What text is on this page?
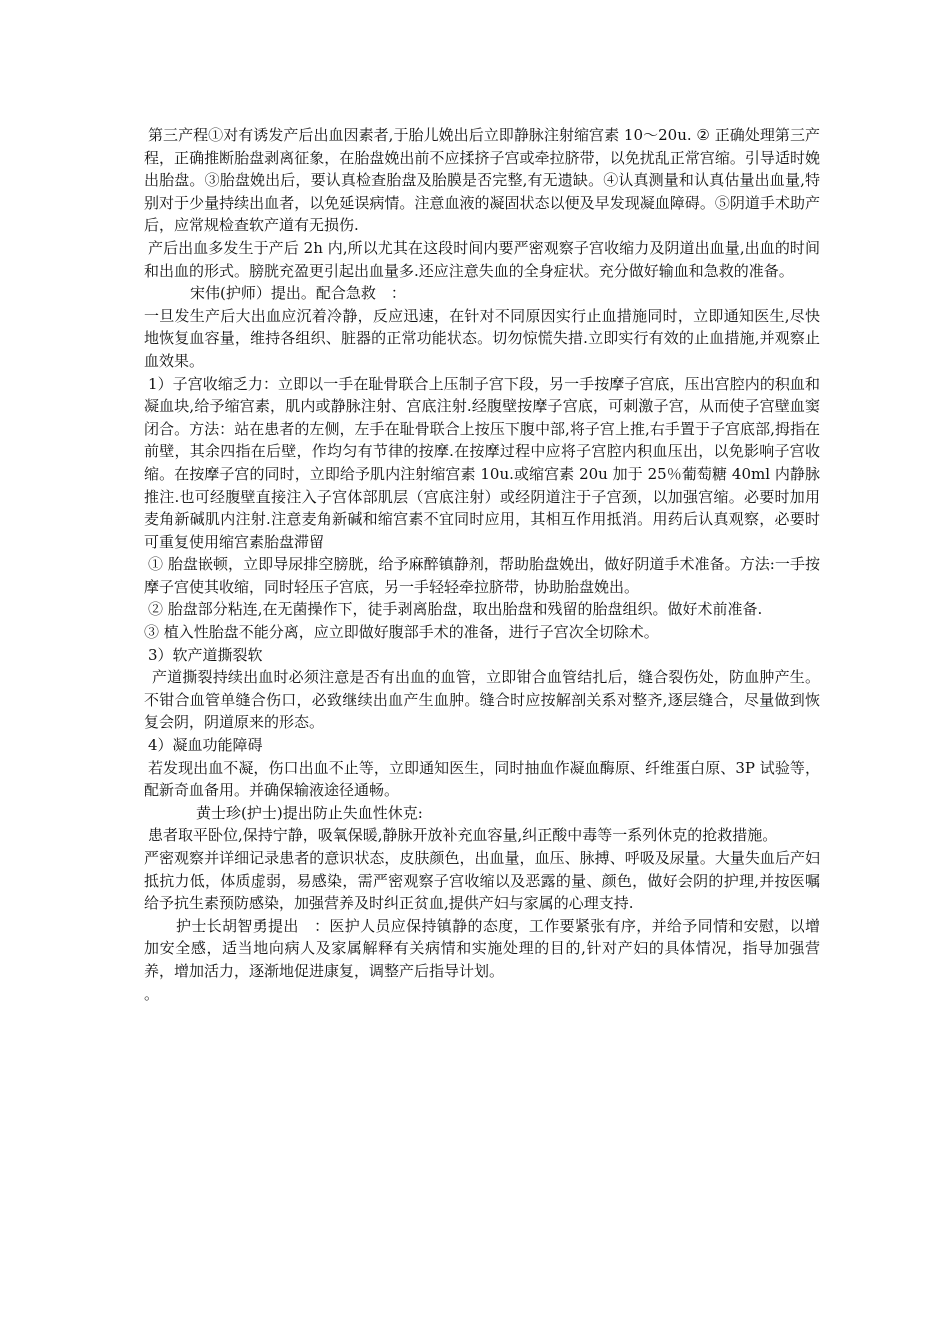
第三产程①对有诱发产后出血因素者,于胎儿娩出后立即静脉注射缩宫素 10～20u. ② 正确处理第三产程，正确推断胎盘剥离征象，在胎盘娩出前不应揉挤子宫或牵拉脐带，以免扰乱正常宫缩。引导适时娩出胎盘。③胎盘娩出后，要认真检查胎盘及胎膜是否完整,有无遗缺。④认真测量和认真估量出血量,特别对于少量持续出血者，以免延误病情。注意血液的凝固状态以便及早发现凝血障碍。⑤阴道手术助产后，应常规检查软产道有无损伤.

产后出血多发生于产后 2h 内,所以尤其在这段时间内要严密观察子宫收缩力及阴道出血量,出血的时间和出血的形式。膀胱充盈更引起出血量多.还应注意失血的全身症状。充分做好输血和急救的准备。

宋伟(护师）提出。配合急救　：

一旦发生产后大出血应沉着冷静，反应迅速，在针对不同原因实行止血措施同时，立即通知医生,尽快地恢复血容量，维持各组织、脏器的正常功能状态。切勿惊慌失措.立即实行有效的止血措施,并观察止血效果。

1）子宫收缩乏力：立即以一手在耻骨联合上压制子宫下段，另一手按摩子宫底，压出宫腔内的积血和凝血块,给予缩宫素，肌内或静脉注射、宫底注射.经腹壁按摩子宫底，可刺激子宫，从而使子宫壁血窦闭合。方法：站在患者的左侧，左手在耻骨联合上按压下腹中部,将子宫上推,右手置于子宫底部,拇指在前壁，其余四指在后壁，作均匀有节律的按摩.在按摩过程中应将子宫腔内积血压出，以免影响子宫收缩。在按摩子宫的同时，立即给予肌内注射缩宫素 10u.或缩宫素 20u 加于 25％葡萄糖 40ml 内静脉推注.也可经腹壁直接注入子宫体部肌层（宫底注射）或经阴道注于子宫颈，以加强宫缩。必要时加用麦角新碱肌内注射.注意麦角新碱和缩宫素不宜同时应用，其相互作用抵消。用药后认真观察，必要时可重复使用缩宫素胎盘滞留

① 胎盘嵌顿，立即导尿排空膀胱，给予麻醉镇静剂，帮助胎盘娩出，做好阴道手术准备。方法:一手按摩子宫使其收缩，同时轻压子宫底，另一手轻轻牵拉脐带，协助胎盘娩出。

② 胎盘部分粘连,在无菌操作下，徒手剥离胎盘，取出胎盘和残留的胎盘组织。做好术前准备.

③ 植入性胎盘不能分离，应立即做好腹部手术的准备，进行子宫次全切除术。

3）软产道撕裂软

产道撕裂持续出血时必须注意是否有出血的血管，立即钳合血管结扎后，缝合裂伤处，防血肿产生。不钳合血管单缝合伤口，必致继续出血产生血肿。缝合时应按解剖关系对整齐,逐层缝合，尽量做到恢复会阴，阴道原来的形态。

4）凝血功能障碍

若发现出血不凝，伤口出血不止等，立即通知医生，同时抽血作凝血酶原、纤维蛋白原、3P 试验等，配新奇血备用。并确保输液途径通畅。

黄士珍(护士)提出防止失血性休克:

患者取平卧位,保持宁静，吸氧保暖,静脉开放补充血容量,纠正酸中毒等一系列休克的抢救措施。

严密观察并详细记录患者的意识状态，皮肤颜色，出血量，血压、脉搏、呼吸及尿量。大量失血后产妇抵抗力低，体质虚弱，易感染，需严密观察子宫收缩以及恶露的量、颜色，做好会阴的护理,并按医嘱给予抗生素预防感染，加强营养及时纠正贫血,提供产妇与家属的心理支持.

护士长胡智勇提出　：医护人员应保持镇静的态度，工作要紧张有序，并给予同情和安慰，以增加安全感，适当地向病人及家属解释有关病情和实施处理的目的,针对产妇的具体情况，指导加强营养，增加活力，逐渐地促进康复，调整产后指导计划。

。
